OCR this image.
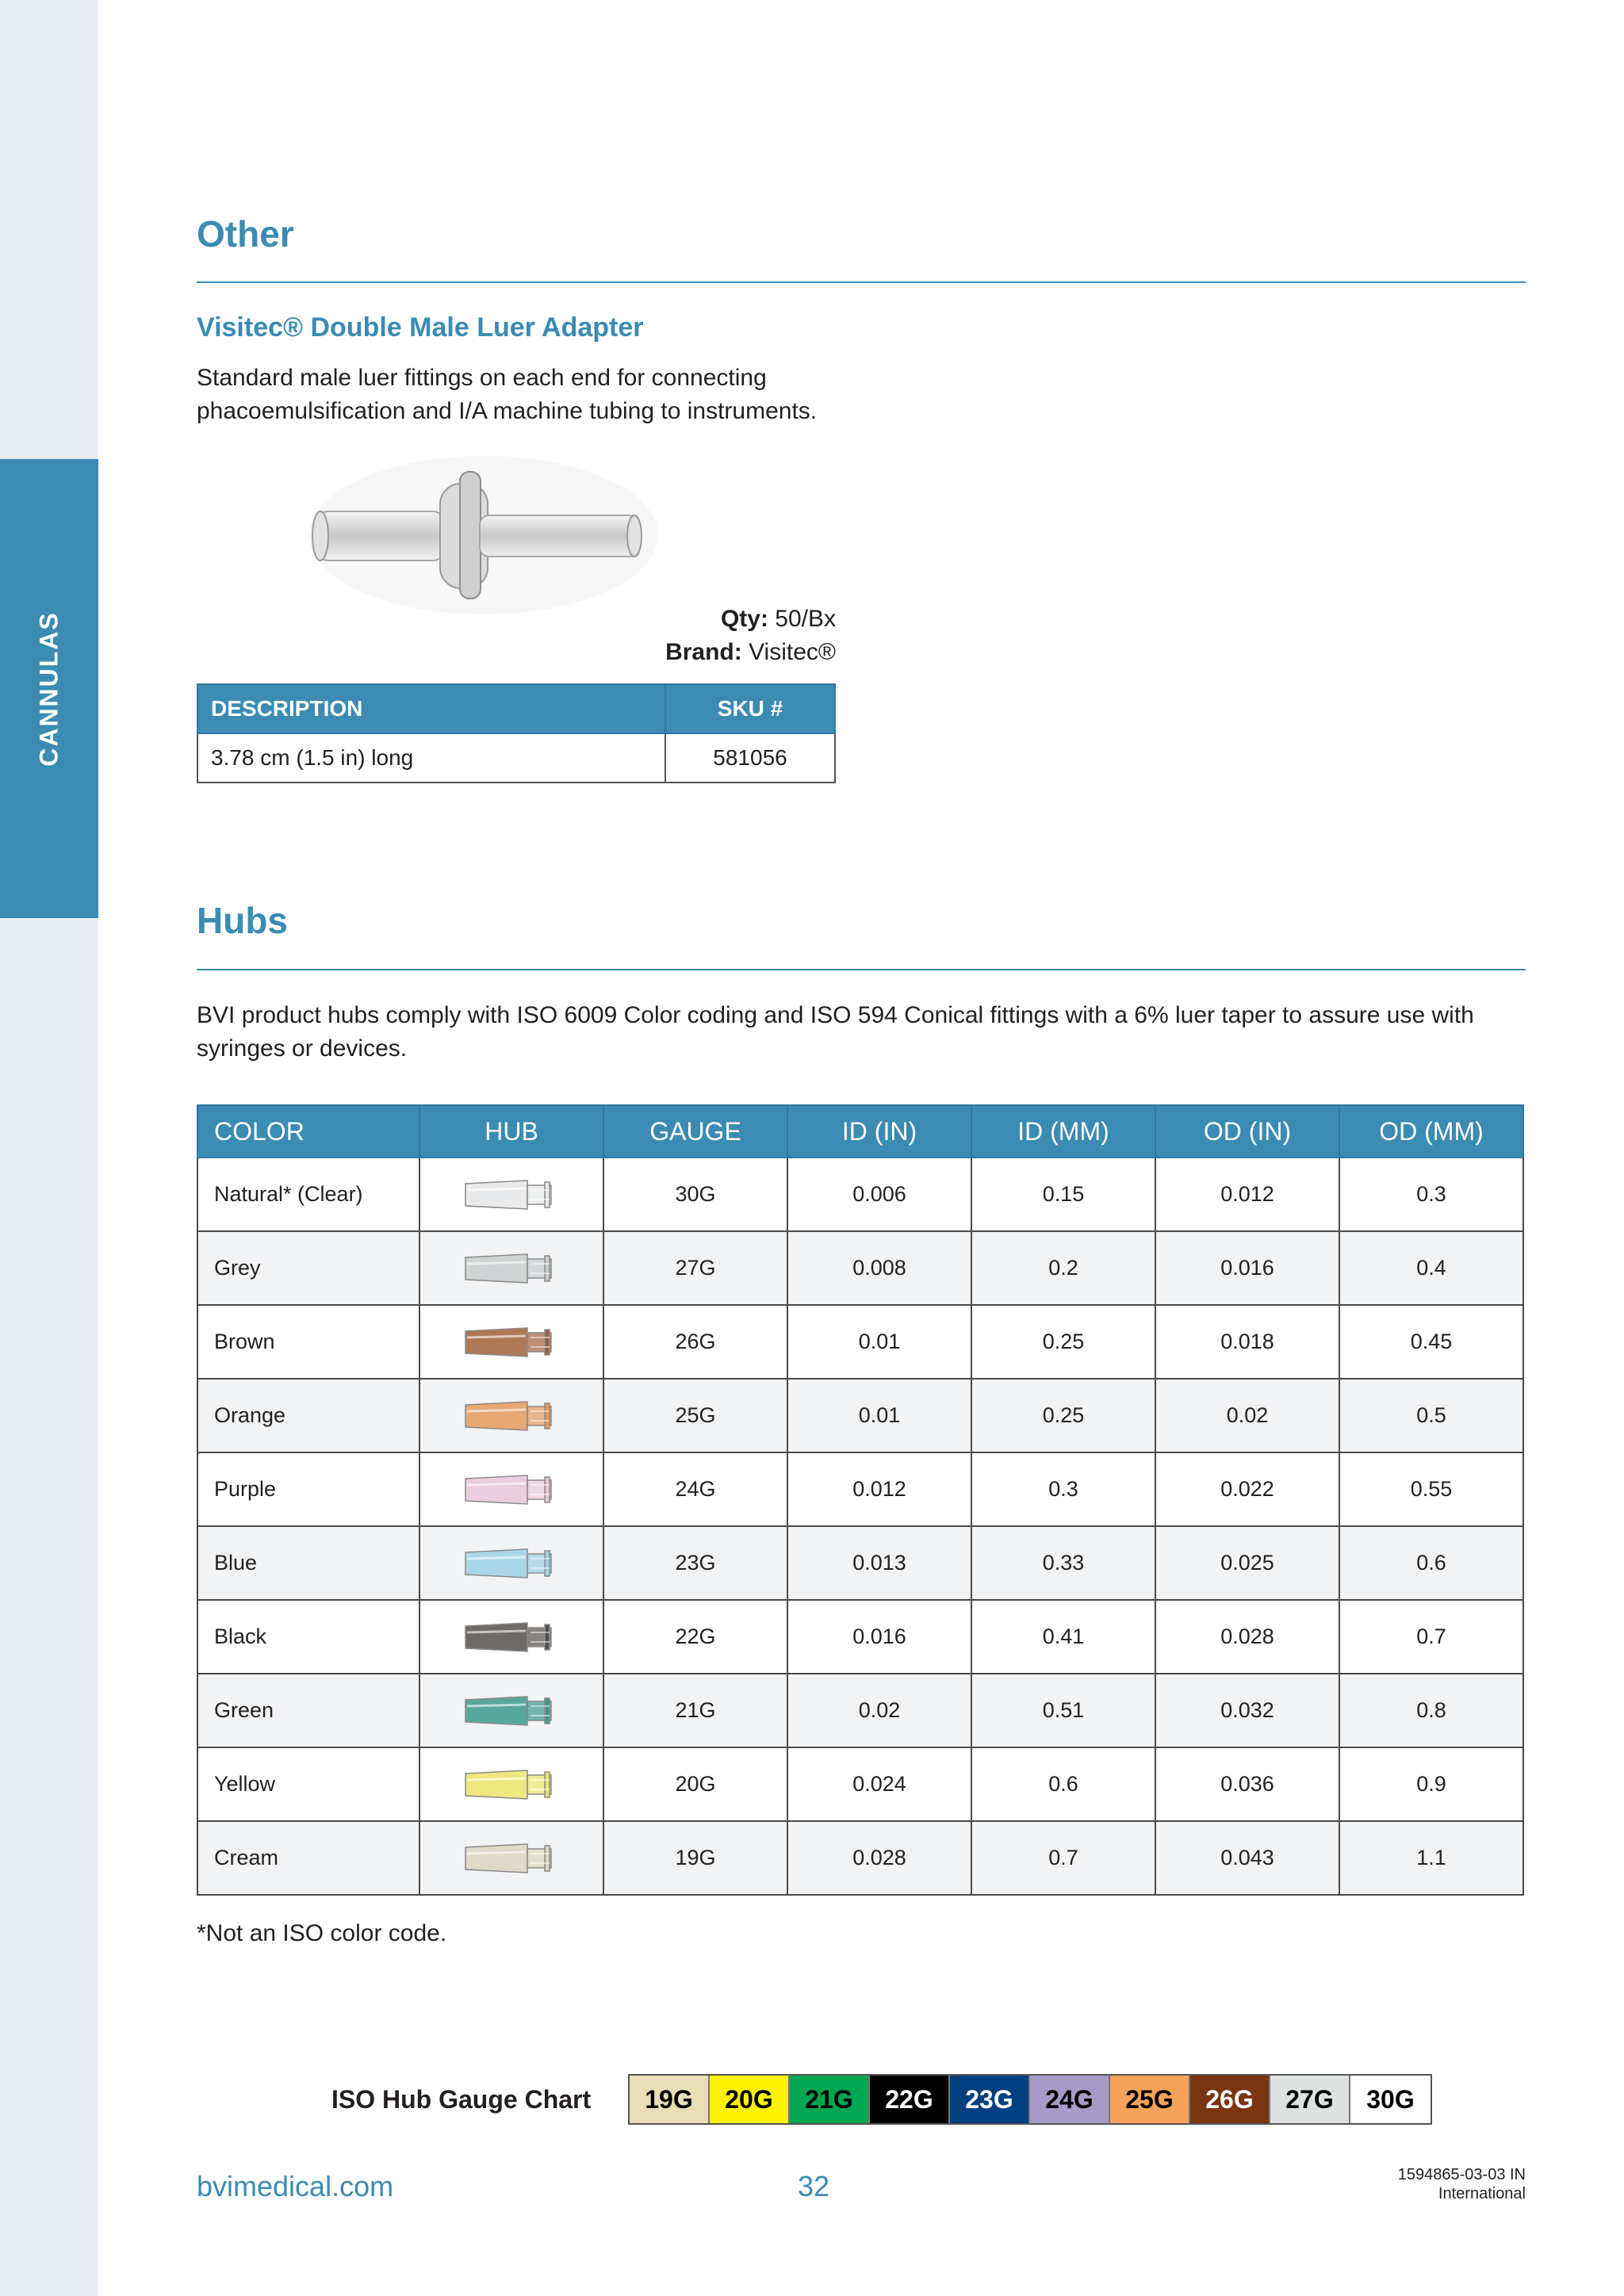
CANNULAS
Other
Visitec® Double Male Luer Adapter

Standard male luer fittings on each end for connecting phacoemulsification and I/A machine tubing to instruments.

Qty: 50/Bx
Brand: Visitec®
DESCRIPTION	SKU #
3.78 cm (1.5 in) long	581056
Hubs

BVI product hubs comply with ISO 6009 Color coding and ISO 594 Conical fittings with a 6% luer taper to assure use with syringes or devices.

COLOR	HUB	GAUGE	ID (IN)	ID (MM)	OD (IN)	OD (MM)
Natural* (Clear)		30G	0.006	0.15	0.012	0.3
Grey		27G	0.008	0.2	0.016	0.4
Brown		26G	0.01	0.25	0.018	0.45
Orange		25G	0.01	0.25	0.02	0.5
Purple		24G	0.012	0.3	0.022	0.55
Blue		23G	0.013	0.33	0.025	0.6
Black		22G	0.016	0.41	0.028	0.7
Green		21G	0.02	0.51	0.032	0.8
Yellow		20G	0.024	0.6	0.036	0.9
Cream		19G	0.028	0.7	0.043	1.1

*Not an ISO color code.

ISO Hub Gauge Chart	19G	20G	21G	22G	23G	24G	25G	26G	27G	30G
bvimedical.com	32	1594865-03-03 IN
International
